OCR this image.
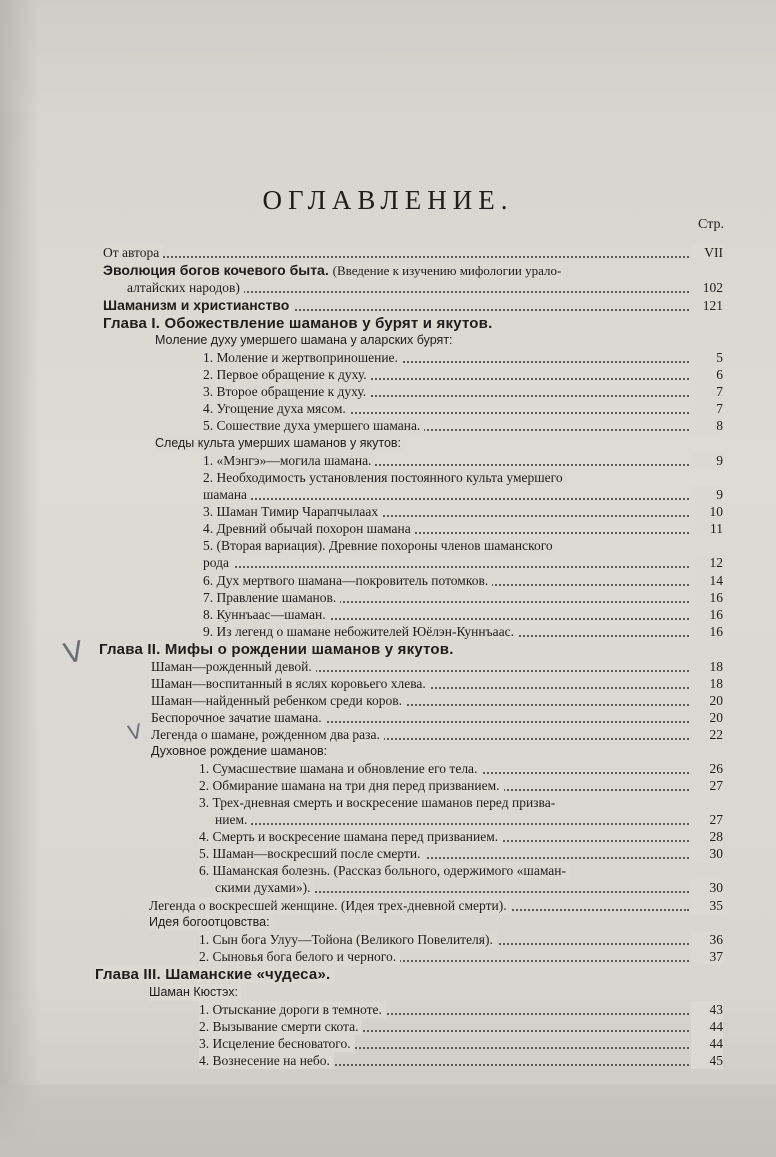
ОГЛАВЛЕНИЕ.
Стр.
V
V
От автора	VII
Эволюция богов кочевого быта. (Введение к изучению мифологии урало-
алтайских народов)	102
Шаманизм и христианство	121
Глава I. Обожествление шаманов у бурят и якутов.
Моление духу умершего шамана у аларских бурят:
1. Моление и жертвоприношение.	5
2. Первое обращение к духу.	6
3. Второе обращение к духу.	7
4. Угощение духа мясом.	7
5. Сошествие духа умершего шамана.	8
Следы культа умерших шаманов у якутов:
1. «Мэнгэ»—могила шамана.	9
2. Необходимость установления постоянного культа умершего
шамана	9
3. Шаман Тимир Чарапчылаах	10
4. Древний обычай похорон шамана	11
5. (Вторая вариация). Древние похороны членов шаманского
рода	12
6. Дух мертвого шамана—покровитель потомков.	14
7. Правление шаманов.	16
8. Куннъаас—шаман.	16
9. Из легенд о шамане небожителей Юёлэн-Куннъаас.	16
Глава II. Мифы о рождении шаманов у якутов.
Шаман—рожденный девой.	18
Шаман—воспитанный в яслях коровьего хлева.	18
Шаман—найденный ребенком среди коров.	20
Беспорочное зачатие шамана.	20
Легенда о шамане, рожденном два раза.	22
Духовное рождение шаманов:
1. Сумасшествие шамана и обновление его тела.	26
2. Обмирание шамана на три дня перед призванием.	27
3. Трех-дневная смерть и воскресение шаманов перед призва-
нием.	27
4. Смерть и воскресение шамана перед призванием.	28
5. Шаман—воскресший после смерти.	30
6. Шаманская болезнь. (Рассказ больного, одержимого «шаман-
скими духами»).	30
Легенда о воскресшей женщине. (Идея трех-дневной смерти).	35
Идея богоотцовства:
1. Сын бога Улуу—Тойона (Великого Повелителя).	36
2. Сыновья бога белого и черного.	37
Глава III. Шаманские «чудеса».
Шаман Кюстэх:
1. Отыскание дороги в темноте.	43
2. Вызывание смерти скота.	44
3. Исцеление бесноватого.	44
4. Вознесение на небо.	45
